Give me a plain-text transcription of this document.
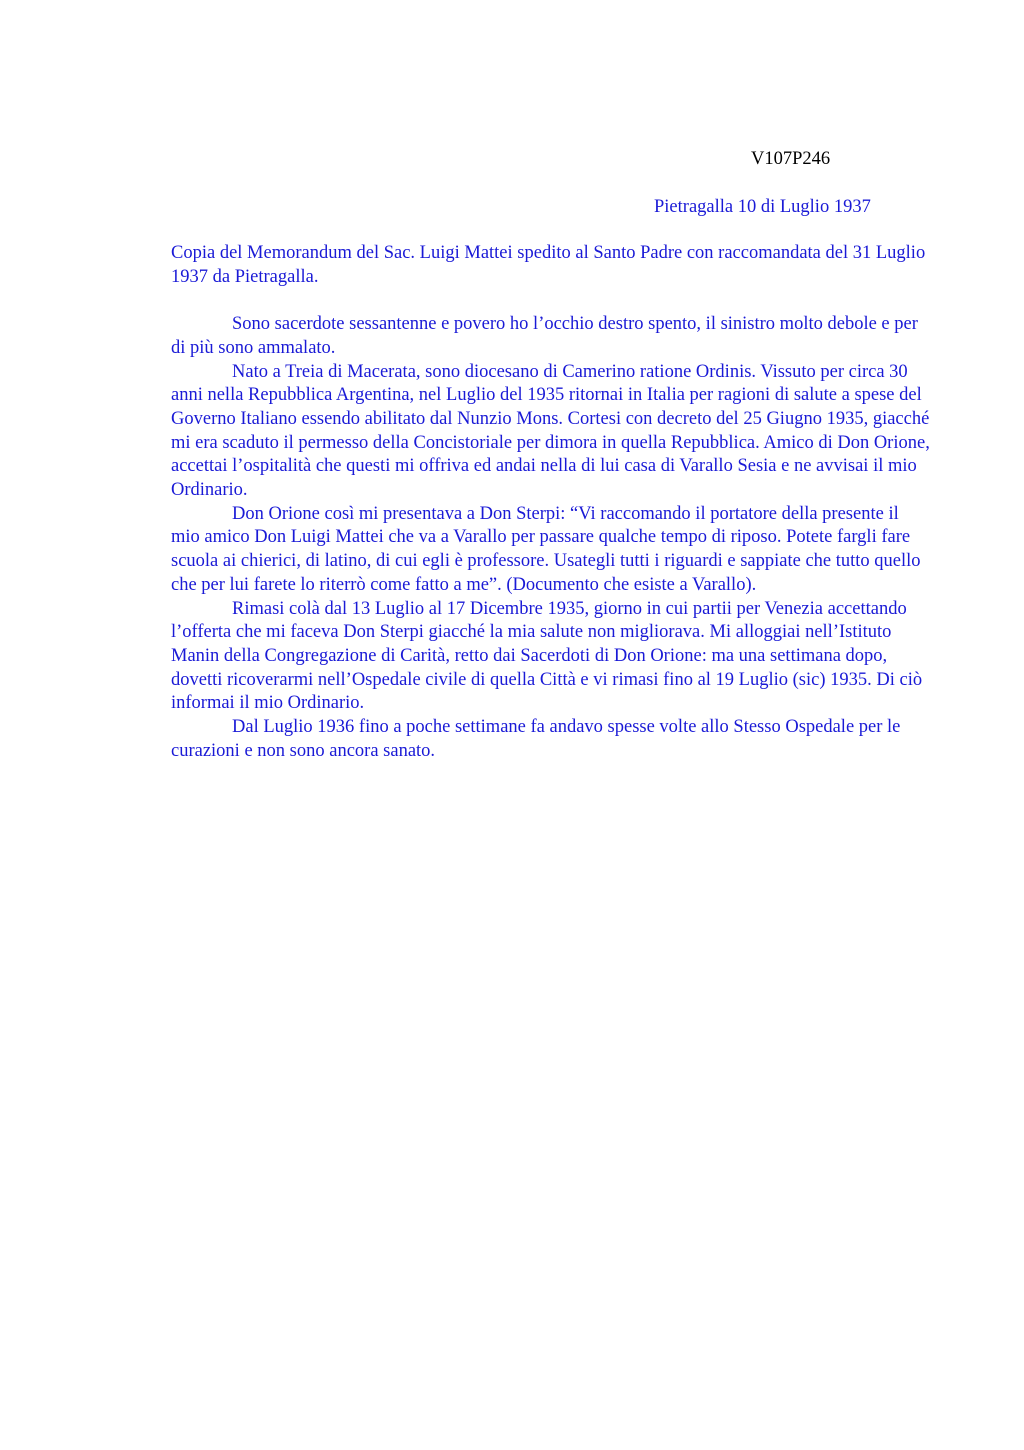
V107P246
Pietragalla 10 di Luglio 1937

Copia del Memorandum del Sac. Luigi Mattei spedito al Santo Padre con raccomandata del 31 Luglio 1937 da Pietragalla.

Sono sacerdote sessantenne e povero ho l’occhio destro spento, il sinistro molto debole e per di più sono ammalato.

Nato a Treia di Macerata, sono diocesano di Camerino ratione Ordinis. Vissuto per circa 30 anni nella Repubblica Argentina, nel Luglio del 1935 ritornai in Italia per ragioni di salute a spese del Governo Italiano essendo abilitato dal Nunzio Mons. Cortesi con decreto del 25 Giugno 1935, giacché mi era scaduto il permesso della Concistoriale per dimora in quella Repubblica. Amico di Don Orione, accettai l’ospitalità che questi mi offriva ed andai nella di lui casa di Varallo Sesia e ne avvisai il mio Ordinario.

Don Orione così mi presentava a Don Sterpi: “Vi raccomando il portatore della presente il mio amico Don Luigi Mattei che va a Varallo per passare qualche tempo di riposo. Potete fargli fare scuola ai chierici, di latino, di cui egli è professore. Usategli tutti i riguardi e sappiate che tutto quello che per lui farete lo riterrò come fatto a me”. (Documento che esiste a Varallo).

Rimasi colà dal 13 Luglio al 17 Dicembre 1935, giorno in cui partii per Venezia accettando l’offerta che mi faceva Don Sterpi giacché la mia salute non migliorava. Mi alloggiai nell’Istituto Manin della Congregazione di Carità, retto dai Sacerdoti di Don Orione: ma una settimana dopo, dovetti ricoverarmi nell’Ospedale civile di quella Città e vi rimasi fino al 19 Luglio (sic) 1935. Di ciò informai il mio Ordinario.

Dal Luglio 1936 fino a poche settimane fa andavo spesse volte allo Stesso Ospedale per le curazioni e non sono ancora sanato.
